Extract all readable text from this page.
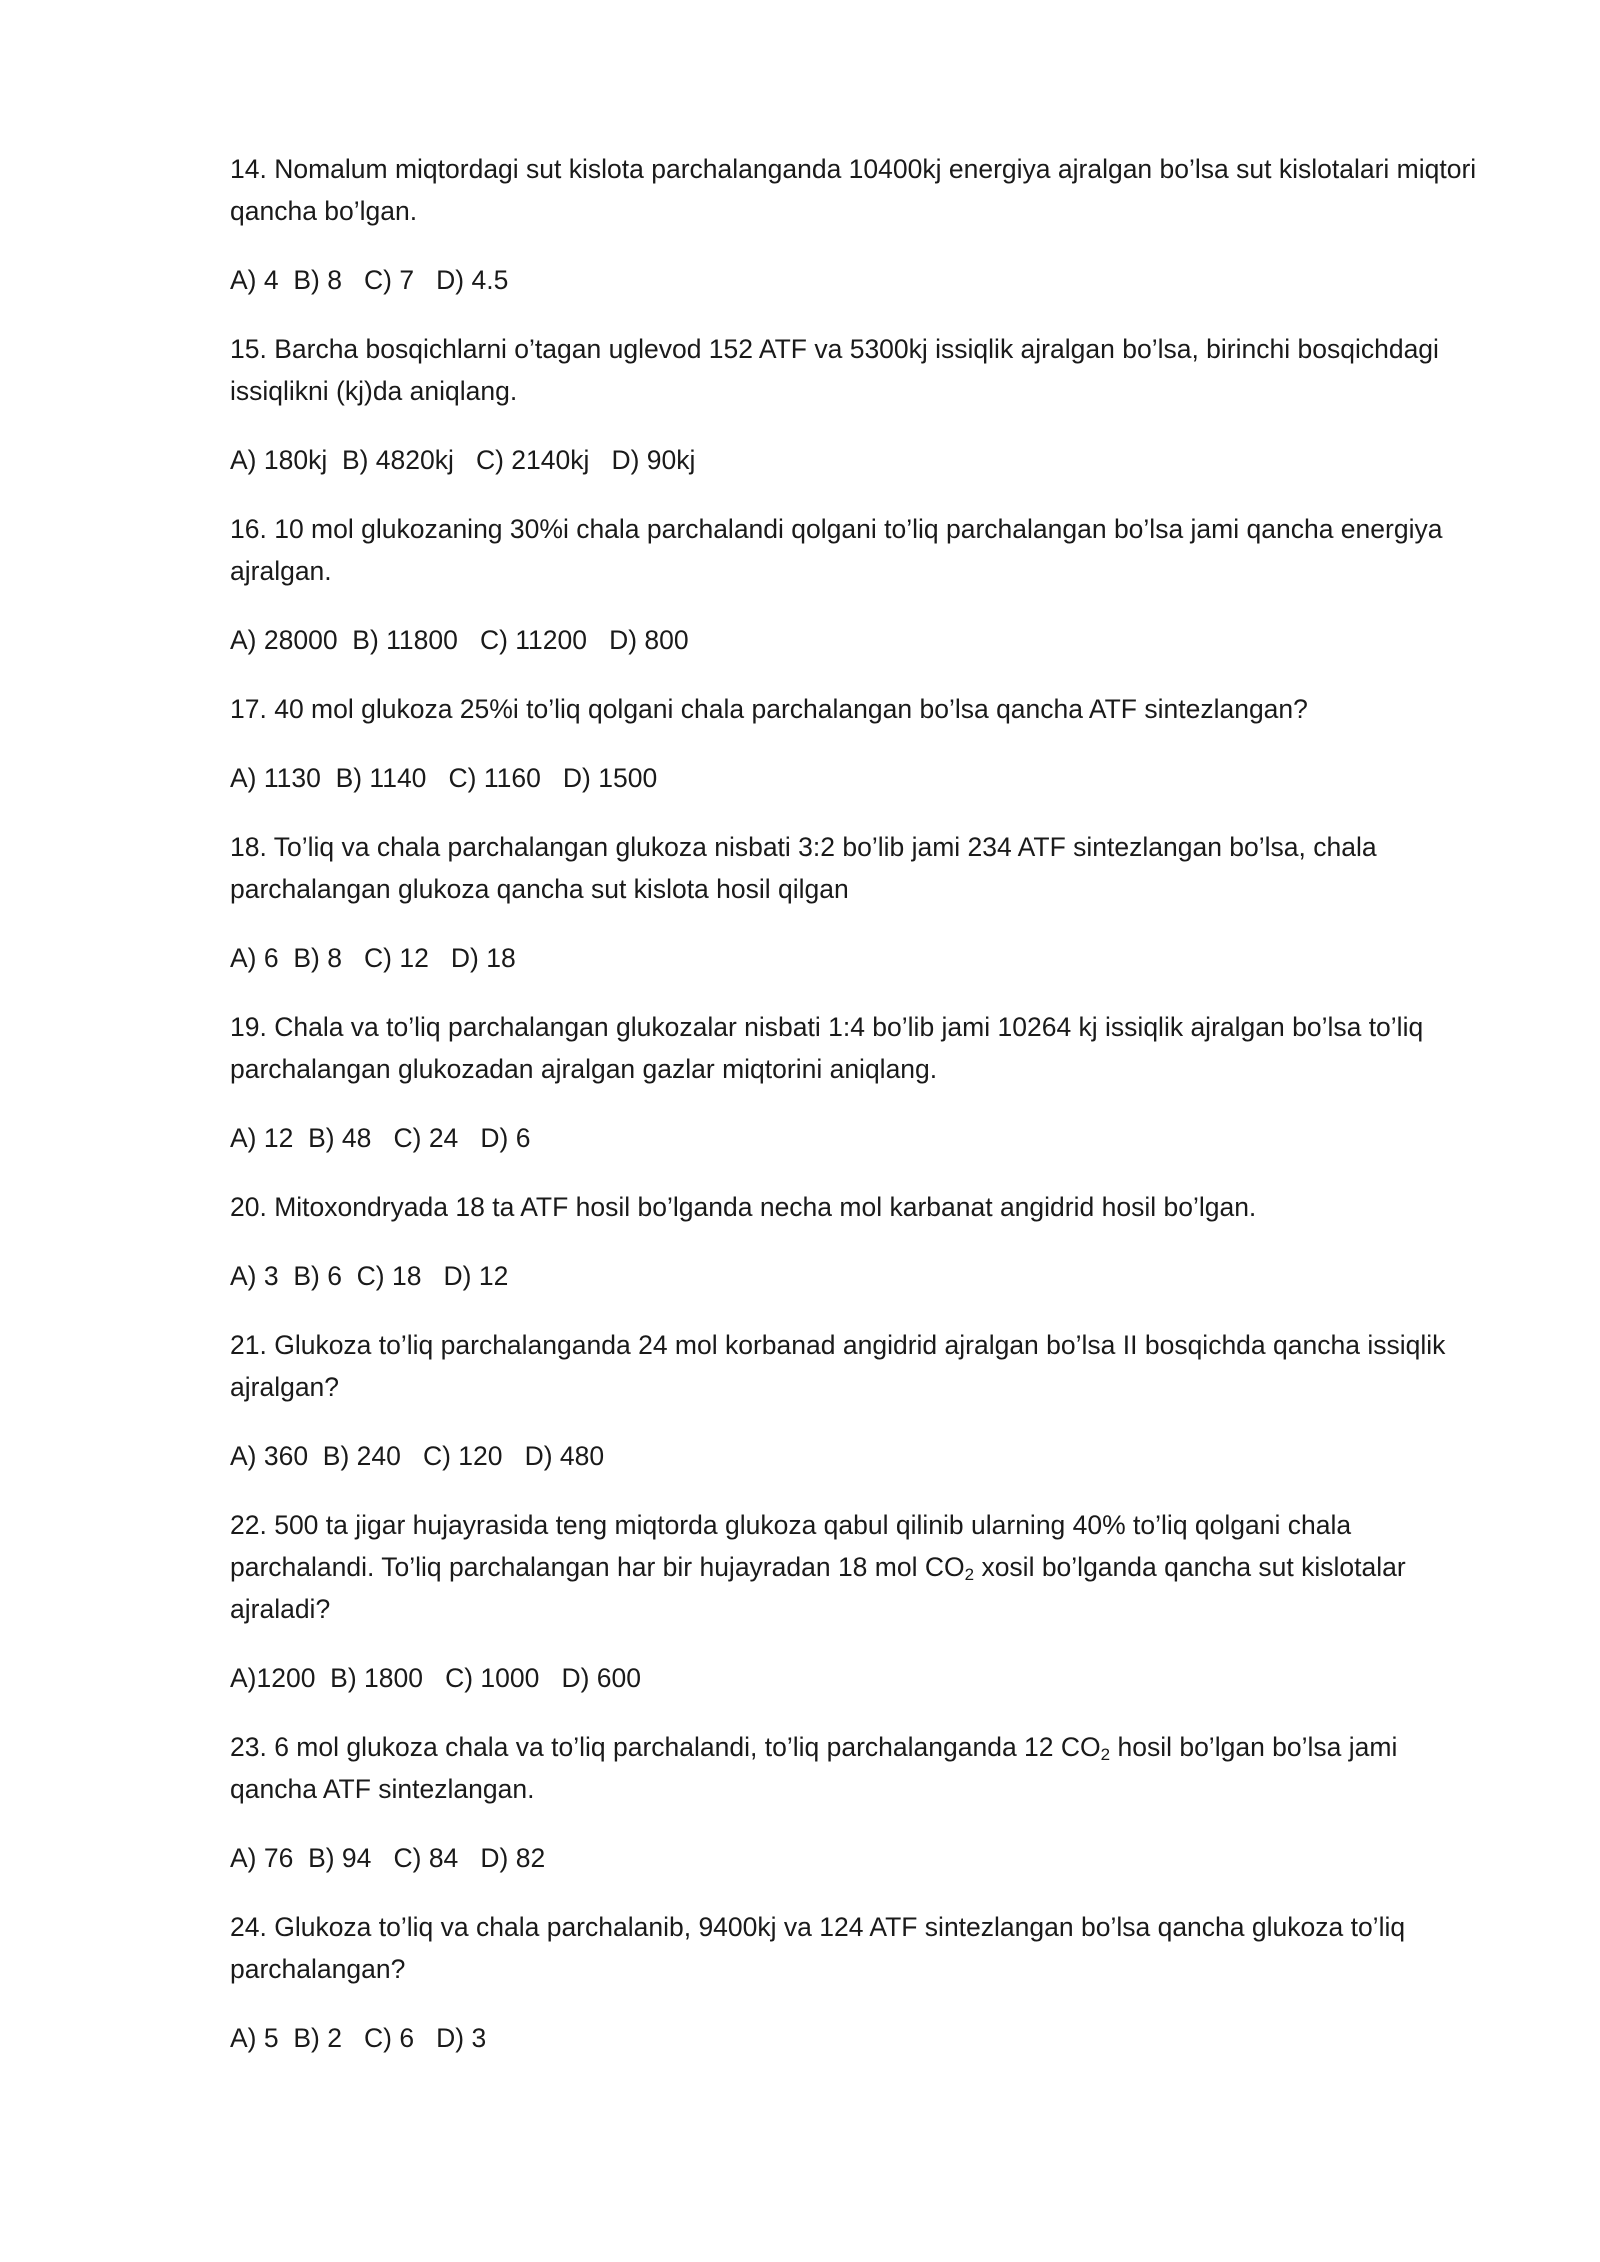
14. Nomalum miqtordagi sut kislota parchalanganda 10400kj energiya ajralgan bo’lsa sut kislotalari miqtori qancha bo’lgan.

A) 4  B) 8   C) 7   D) 4.5

15. Barcha bosqichlarni o’tagan uglevod 152 ATF va 5300kj issiqlik ajralgan bo’lsa, birinchi bosqichdagi issiqlikni (kj)da aniqlang.

A) 180kj  B) 4820kj   C) 2140kj   D) 90kj

16. 10 mol glukozaning 30%i chala parchalandi qolgani to’liq parchalangan bo’lsa jami qancha energiya ajralgan.

A) 28000  B) 11800   C) 11200   D) 800

17. 40 mol glukoza 25%i to’liq qolgani chala parchalangan bo’lsa qancha ATF sintezlangan?

A) 1130  B) 1140   C) 1160   D) 1500

18. To’liq va chala parchalangan glukoza nisbati 3:2 bo’lib jami 234 ATF sintezlangan bo’lsa, chala parchalangan glukoza qancha sut kislota hosil qilgan

A) 6  B) 8   C) 12   D) 18

19. Chala va to’liq parchalangan glukozalar nisbati 1:4 bo’lib jami 10264 kj issiqlik ajralgan bo’lsa to’liq parchalangan glukozadan ajralgan gazlar miqtorini aniqlang.

A) 12  B) 48   C) 24   D) 6

20. Mitoxondryada 18 ta ATF hosil bo’lganda necha mol karbanat angidrid hosil bo’lgan.

A) 3  B) 6  C) 18   D) 12

21. Glukoza to’liq parchalanganda 24 mol korbanad angidrid ajralgan bo’lsa II bosqichda qancha issiqlik ajralgan?

A) 360  B) 240   C) 120   D) 480

22. 500 ta jigar hujayrasida teng miqtorda glukoza qabul qilinib ularning 40% to’liq qolgani chala parchalandi. To’liq parchalangan har bir hujayradan 18 mol $CO_2$ xosil bo’lganda qancha sut kislotalar ajraladi?

A)1200  B) 1800   C) 1000   D) 600

23. 6 mol glukoza chala va to’liq parchalandi, to’liq parchalanganda 12 $CO_2$ hosil bo’lgan bo’lsa jami qancha ATF sintezlangan.

A) 76  B) 94   C) 84   D) 82

24. Glukoza to’liq va chala parchalanib, 9400kj va 124 ATF sintezlangan bo’lsa qancha glukoza to’liq parchalangan?

A) 5  B) 2   C) 6   D) 3
